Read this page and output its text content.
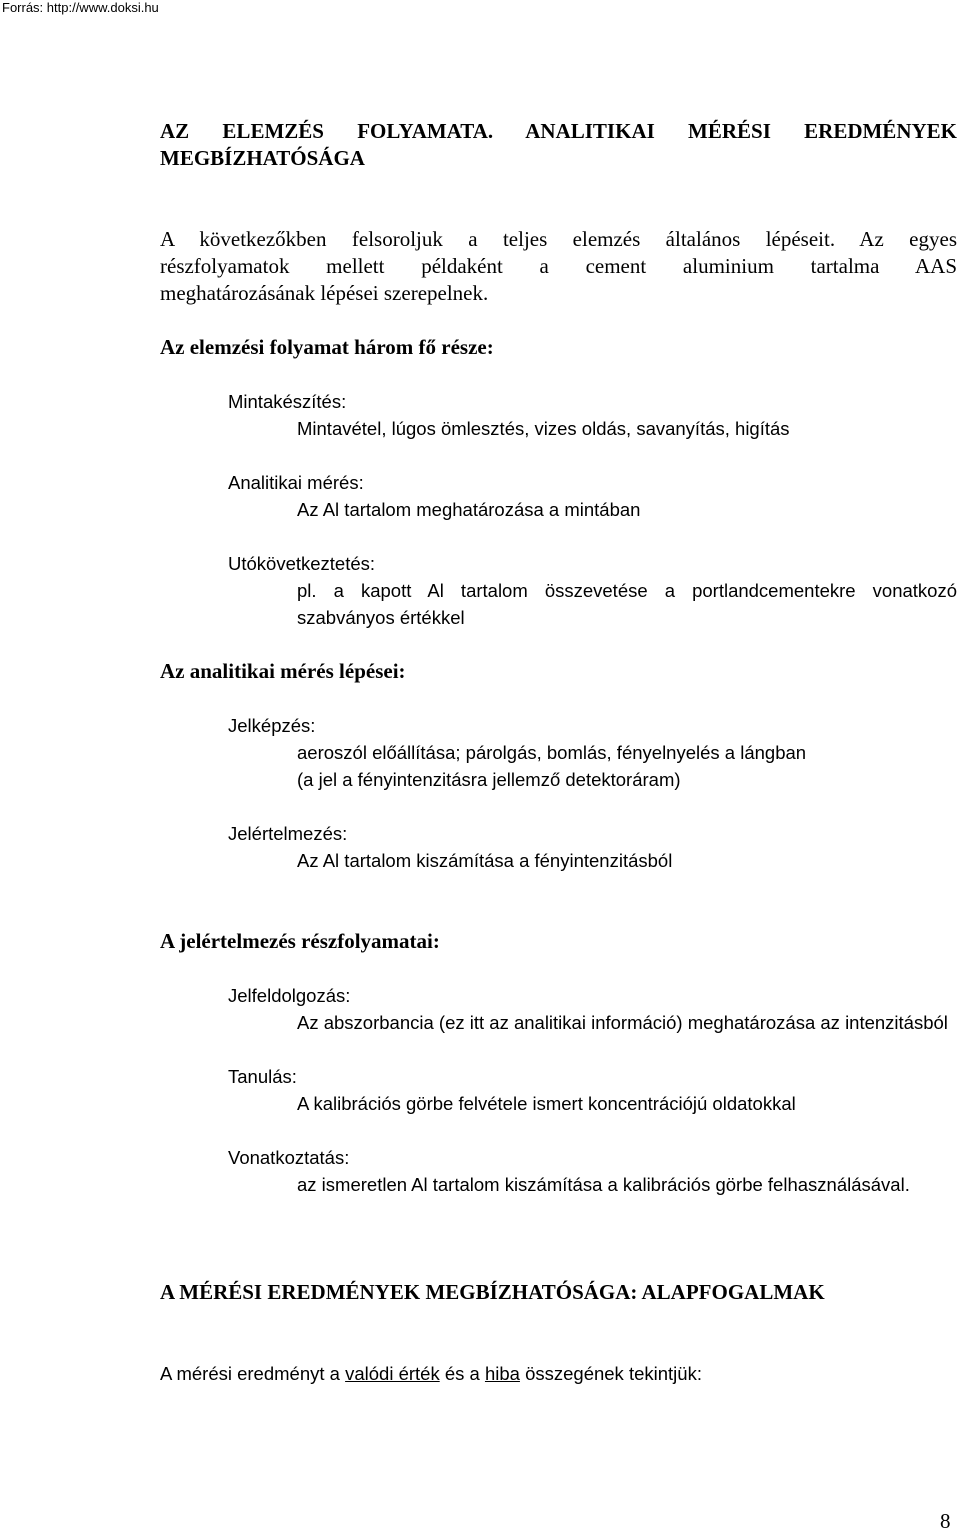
Forrás: http://www.doksi.hu
AZ ELEMZÉS FOLYAMATA. ANALITIKAI MÉRÉSI EREDMÉNYEK MEGBÍZHATÓSÁGA
A következőkben felsoroljuk a teljes elemzés általános lépéseit. Az egyes
részfolyamatok mellett példaként a cement aluminium tartalma AAS
meghatározásának lépései szerepelnek.
Az elemzési folyamat három fő része:
Mintakészítés:
Mintavétel, lúgos ömlesztés, vizes oldás, savanyítás, higítás
Analitikai mérés:
Az Al tartalom meghatározása a mintában
Utókövetkeztetés:
pl. a kapott Al tartalom összevetése a portlandcementekre vonatkozó szabványos értékkel
Az analitikai mérés lépései:
Jelképzés:
aeroszól előállítása; párolgás, bomlás, fényelnyelés a lángban
(a jel a fényintenzitásra jellemző detektoráram)
Jelértelmezés:
Az Al tartalom kiszámítása a fényintenzitásból
A jelértelmezés részfolyamatai:
Jelfeldolgozás:
Az abszorbancia (ez itt az analitikai információ) meghatározása az intenzitásból
Tanulás:
A kalibrációs görbe felvétele ismert koncentrációjú oldatokkal
Vonatkoztatás:
az ismeretlen Al tartalom kiszámítása a kalibrációs görbe felhasználásával.
A MÉRÉSI EREDMÉNYEK MEGBÍZHATÓSÁGA: ALAPFOGALMAK
A mérési eredményt a valódi érték és a hiba összegének tekintjük:
8
